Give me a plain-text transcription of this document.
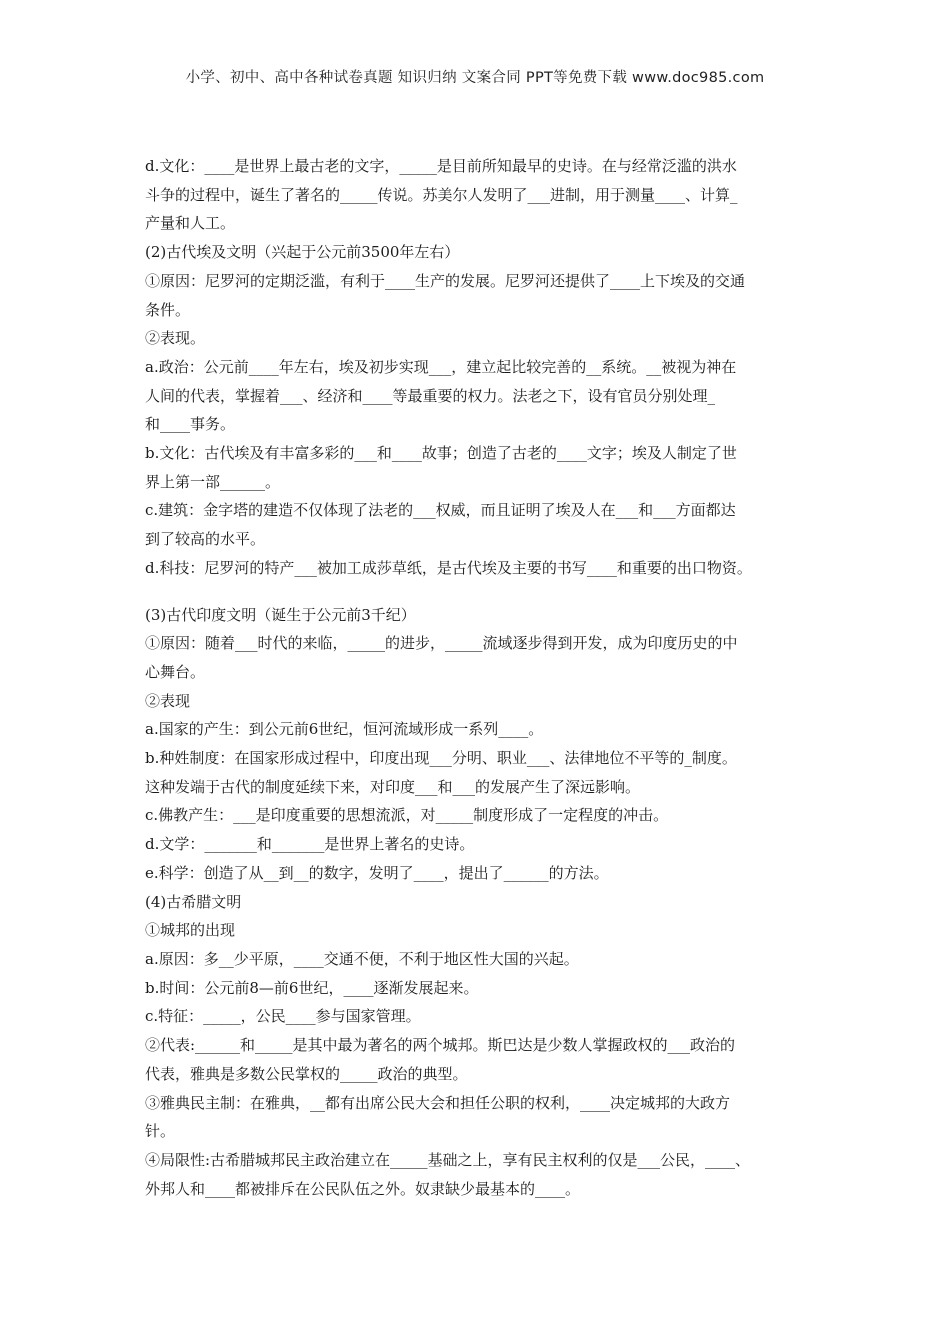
小学、初中、高中各种试卷真题 知识归纳 文案合同 PPT等免费下载 www.doc985.com
d.文化：____是世界上最古老的文字，_____是目前所知最早的史诗。在与经常泛滥的洪水
斗争的过程中，诞生了著名的_____传说。苏美尔人发明了___进制，用于测量____、计算_
产量和人工。
(2)古代埃及文明（兴起于公元前3500年左右）
①原因：尼罗河的定期泛滥，有利于____生产的发展。尼罗河还提供了____上下埃及的交通
条件。
②表现。
a.政治：公元前____年左右，埃及初步实现___，建立起比较完善的__系统。__被视为神在
人间的代表，掌握着___、经济和____等最重要的权力。法老之下，设有官员分别处理_
和____事务。
b.文化：古代埃及有丰富多彩的___和____故事；创造了古老的____文字；埃及人制定了世
界上第一部______。
c.建筑：金字塔的建造不仅体现了法老的___权威，而且证明了埃及人在___和___方面都达
到了较高的水平。
d.科技：尼罗河的特产___被加工成莎草纸，是古代埃及主要的书写____和重要的出口物资。
(3)古代印度文明（诞生于公元前3千纪）
①原因：随着___时代的来临，_____的进步，_____流域逐步得到开发，成为印度历史的中
心舞台。
②表现
a.国家的产生：到公元前6世纪，恒河流域形成一系列____。
b.种姓制度：在国家形成过程中，印度出现___分明、职业___、法律地位不平等的_制度。
这种发端于古代的制度延续下来，对印度___和___的发展产生了深远影响。
c.佛教产生：___是印度重要的思想流派，对_____制度形成了一定程度的冲击。
d.文学：_______和_______是世界上著名的史诗。
e.科学：创造了从__到__的数字，发明了____，提出了______的方法。
(4)古希腊文明
①城邦的出现
a.原因：多__少平原，____交通不便，不利于地区性大国的兴起。
b.时间：公元前8—前6世纪，____逐渐发展起来。
c.特征：_____，公民____参与国家管理。
②代表:______和_____是其中最为著名的两个城邦。斯巴达是少数人掌握政权的___政治的
代表，雅典是多数公民掌权的_____政治的典型。
③雅典民主制：在雅典，__都有出席公民大会和担任公职的权利，____决定城邦的大政方
针。
④局限性:古希腊城邦民主政治建立在_____基础之上，享有民主权利的仅是___公民，____、
外邦人和____都被排斥在公民队伍之外。奴隶缺少最基本的____。
